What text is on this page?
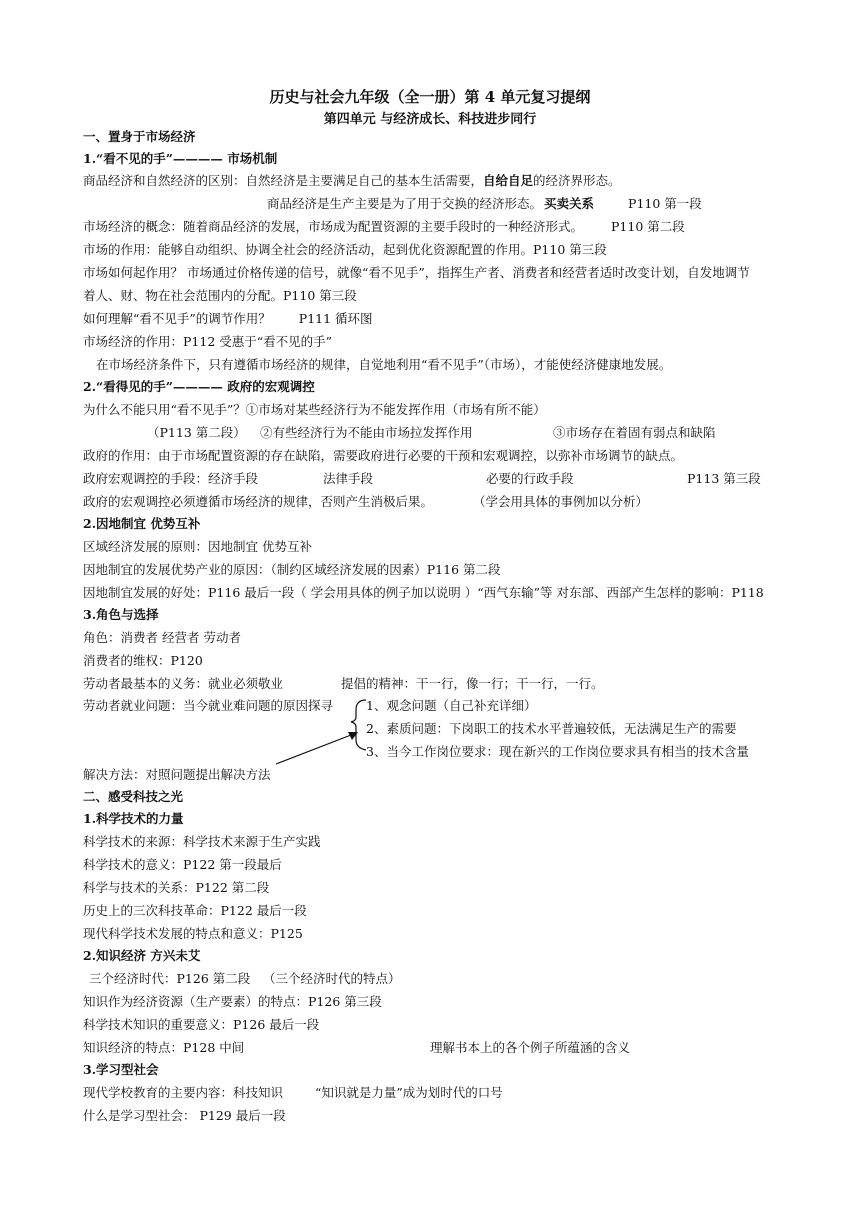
历史与社会九年级（全一册）第 4 单元复习提纲
第四单元 与经济成长、科技进步同行
一、置身于市场经济
1.“看不见的手”———— 市场机制
商品经济和自然经济的区别：自然经济是主要满足自己的基本生活需要，自给自足的经济界形态。
商品经济是生产主要是为了用于交换的经济形态。 买卖关系	P110 第一段
市场经济的概念：随着商品经济的发展，市场成为配置资源的主要手段时的一种经济形式。 P110 第二段
市场的作用：能够自动组织、协调全社会的经济活动，起到优化资源配置的作用。P110 第三段
市场如何起作用？ 市场通过价格传递的信号，就像“看不见手”，指挥生产者、消费者和经营者适时改变计划，自发地调节
着人、财、物在社会范围内的分配。P110 第三段
如何理解“看不见手”的调节作用？ P111 循环图
市场经济的作用：P112 受惠于“看不见的手”
在市场经济条件下，只有遵循市场经济的规律，自觉地利用“看不见手”（市场），才能使经济健康地发展。
2.“看得见的手”———— 政府的宏观调控
为什么不能只用“看不见手”？①市场对某些经济行为不能发挥作用（市场有所不能）
（P113 第二段） ②有些经济行为不能由市场拉发挥作用	③市场存在着固有弱点和缺陷
政府的作用：由于市场配置资源的存在缺陷，需要政府进行必要的干预和宏观调控，以弥补市场调节的缺点。
政府宏观调控的手段：经济手段	法律手段	必要的行政手段	P113 第三段
政府的宏观调控必须遵循市场经济的规律，否则产生消极后果。	（学会用具体的事例加以分析）
2.因地制宜 优势互补
区域经济发展的原则：因地制宜 优势互补
因地制宜的发展优势产业的原因：（制约区域经济发展的因素）P116 第二段
因地制宜发展的好处：P116 最后一段（ 学会用具体的例子加以说明 ）“西气东输”等 对东部、西部产生怎样的影响：P118
3.角色与选择
角色：消费者 经营者 劳动者
消费者的维权：P120
劳动者最基本的义务：就业必须敬业	提倡的精神：干一行，像一行；干一行，一行。
劳动者就业问题：当今就业难问题的原因探寻	1、观念问题（自己补充详细）
2、素质问题：下岗职工的技术水平普遍较低，无法满足生产的需要
3、当今工作岗位要求：现在新兴的工作岗位要求具有相当的技术含量
解决方法：对照问题提出解决方法
二、感受科技之光
1.科学技术的力量
科学技术的来源：科学技术来源于生产实践
科学技术的意义：P122 第一段最后
科学与技术的关系：P122 第二段
历史上的三次科技革命：P122 最后一段
现代科学技术发展的特点和意义：P125
2.知识经济 方兴未艾
三个经济时代：P126 第二段 （三个经济时代的特点）
知识作为经济资源（生产要素）的特点：P126 第三段
科学技术知识的重要意义：P126 最后一段
知识经济的特点：P128 中间	理解书本上的各个例子所蕴涵的含义
3.学习型社会
现代学校教育的主要内容：科技知识	“知识就是力量”成为划时代的口号
什么是学习型社会： P129 最后一段
